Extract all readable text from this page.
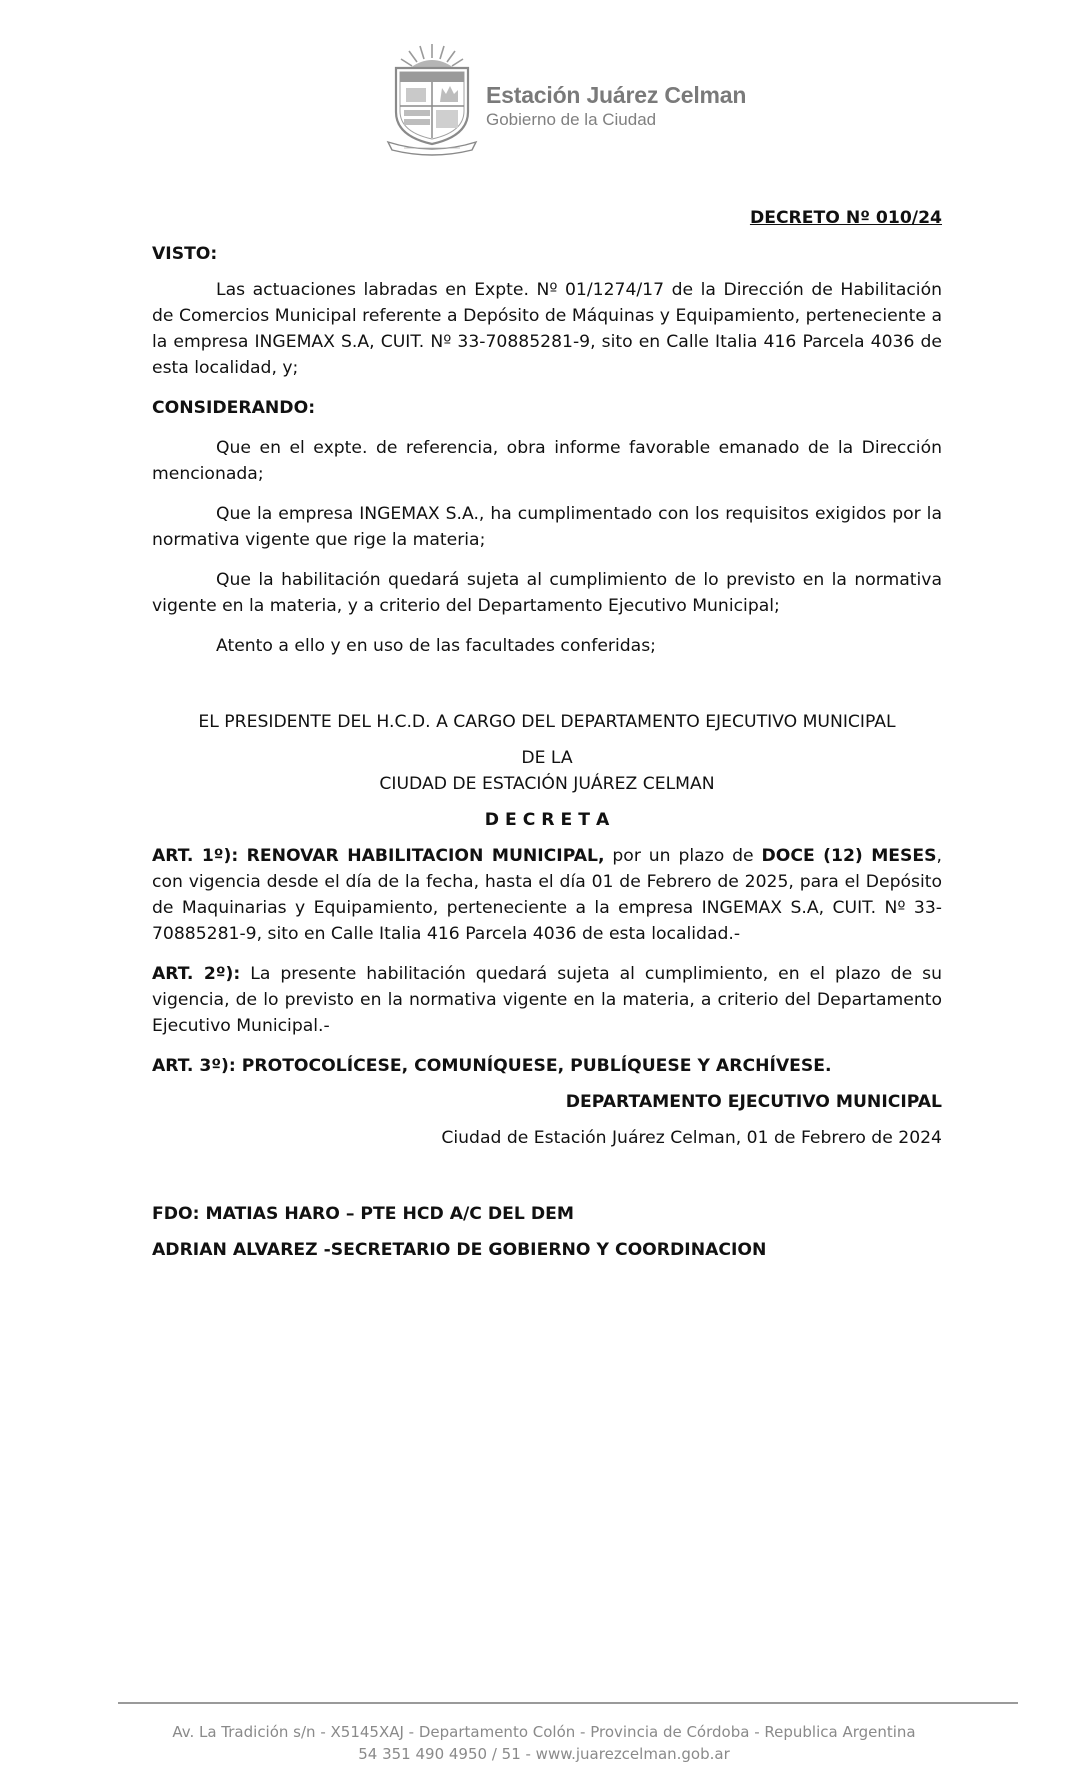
Estación Juárez Celman
Gobierno de la Ciudad

DECRETO Nº 010/24

VISTO:

Las actuaciones labradas en Expte. Nº 01/1274/17 de la Dirección de Habilitación de Comercios Municipal referente a Depósito de Máquinas y Equipamiento, perteneciente a la empresa INGEMAX S.A, CUIT. Nº 33-70885281-9, sito en Calle Italia 416 Parcela 4036 de esta localidad, y;

CONSIDERANDO:

Que en el expte. de referencia, obra informe favorable emanado de la Dirección mencionada;

Que la empresa INGEMAX S.A., ha cumplimentado con los requisitos exigidos por la normativa vigente que rige la materia;

Que la habilitación quedará sujeta al cumplimiento de lo previsto en la normativa vigente en la materia, y a criterio del Departamento Ejecutivo Municipal;

Atento a ello y en uso de las facultades conferidas;

EL PRESIDENTE DEL H.C.D. A CARGO DEL DEPARTAMENTO EJECUTIVO MUNICIPAL

DE LA

CIUDAD DE ESTACIÓN JUÁREZ CELMAN

D E C R E T A

ART. 1º): RENOVAR HABILITACION MUNICIPAL, por un plazo de DOCE (12) MESES, con vigencia desde el día de la fecha, hasta el día 01 de Febrero de 2025, para el Depósito de Maquinarias y Equipamiento, perteneciente a la empresa INGEMAX S.A, CUIT. Nº 33-70885281-9, sito en Calle Italia 416 Parcela 4036 de esta localidad.-

ART. 2º): La presente habilitación quedará sujeta al cumplimiento, en el plazo de su vigencia, de lo previsto en la normativa vigente en la materia, a criterio del Departamento Ejecutivo Municipal.-

ART. 3º): PROTOCOLÍCESE, COMUNÍQUESE, PUBLÍQUESE Y ARCHÍVESE.

DEPARTAMENTO EJECUTIVO MUNICIPAL

Ciudad de Estación Juárez Celman, 01 de Febrero de 2024

FDO: MATIAS HARO – PTE HCD A/C DEL DEM

ADRIAN ALVAREZ -SECRETARIO DE GOBIERNO Y COORDINACION

Av. La Tradición s/n - X5145XAJ - Departamento Colón - Provincia de Córdoba - Republica Argentina
54 351 490 4950 / 51 - www.juarezcelman.gob.ar
